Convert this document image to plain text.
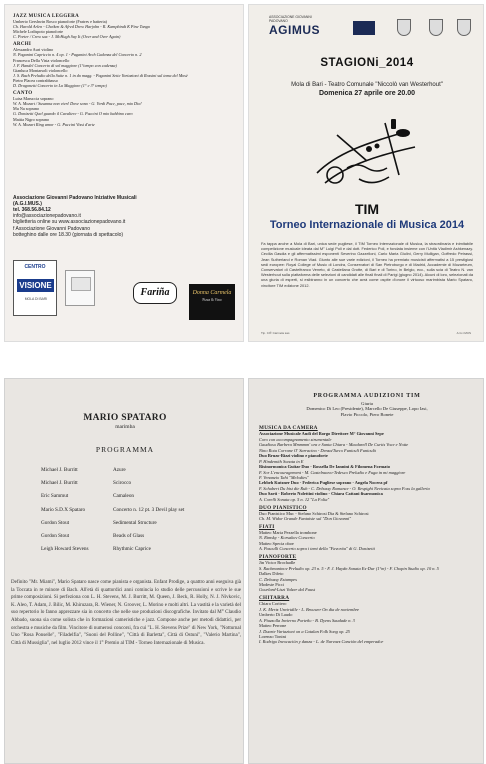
JAZZ MUSICA LEGGERA
Umberto Gershwin Rosco pianoforte (Fratres e batteria)
Ch. Harold Arlen - Cheiken & Afred Drew Harjohn - R. Kampbindt K Pine Tango
Michele Lodispoto pianoforte
C. Porter / Crew sax - J. McHugh Say It (Over and Over Again)
ARCHI
Alessandro Auri violino
N. Paganini Capriccio n. 4 op. 1 - Paganini Arch Cadenza del Concerto n. 2
Francesca Della Vista violoncello
J. F. Handel Concerto di sol maggiore (1°tempo con cadenza)
Gianluca Montarsoli violoncello
J. S. Bach Preludio della Suite n. 1 in do magg. - Paganini Sette Variazioni di Rossini sul tema del Mosè
Pietro Placea contrabbasso
D. Dragonetti Concerto in La Maggiore (1° e 3° tempo)
CANTO
Luisa Maruccia soprano
W. A. Mozart / Susanna non vien! Dove sono - G. Verdi Pace, pace, mio Dio!
Mu Na soprano
G. Donizetti Quel guardo il Cavaliere - G. Puccini O mio babbino caro
Mattia Nigro soprano
W. A. Mozart Ring amor - G. Puccini Vissi d'arte
Associazione Giovanni Padovano Iniziative Musicali (A.G.I.MUS.)
tel. 368.56.84.12
info@associazionepadovano.it
biglietteria online su www.associazionepadovano.it
f Associazione Giovanni Padovano
botteghino dalle ore 18.30 (giornata di spettacolo)
CENTRO
VISIONE
MOLA DI BARI
Fariña	Donna Carmela
Pizza & Vino
ASSOCIAZIONE GIOVANNI PADOVANO
AGIMUS
STAGIONi_2014
Mola di Bari - Teatro Comunale "Niccolò van Westerhout"
Domenica 27 aprile ore 20.00
TIM
Torneo Internazionale di Musica 2014
Fa tappa anche a Mola di Bari, unica sede pugliese, il TIM Torneo Internazionale di Musica, la straordinaria e inimitabile competizione musicale ideata dal M° Luigi Poli e dal dott. Federico Poli, e fondata insieme con l'Unità Vladimir Ashkenazy. Cecilia Gasdia e gli affermatissimi esponenti Severino Gazzelloni, Carlo Maria Giulini, Gerry Mulligan, Goffredo Petrassi, Jean Sutherland e Roman Vlad. Giunto alle sue varie edizioni, il Torneo ha premiato musicisti affermatisi a 15 prestigiosi sedi europee: Royal College of Music di Londra, Conservatori di San Pietroburgo e di Madrid, Accademie di Mozarteum, Conservatori di Castelfranco Veneto, di Castellana Grotte, di Bari e di Torino, in Belgio, ecc., sulla scia di Teatro N. van Westerhout sulla piattaforma delle selezioni di candidati alle finali finali di Parigi (giugno 2014). Alcuni di loro, selezionati da una giuria di esperti, si esibiranno in un concerto che avrà come ospite d'onore il virtuoso marimbista Mario Spataro, vincitore TIM edizione 2012.
Tip. Ci® Carmela sas	A.G.I.MUS
MARIO SPATARO
marimba
PROGRAMMA
Michael J. Burritt	Azure
Michael J. Burritt	Scirocco
Eric Sammut	Camaleon
Mario S.D.X Spataro	Concerto n. 12 pt. 3 Devil play set
Gordon Stout	Sedimental Structure
Gordon Stout	Beads of Glass
Leigh Howard Stevens	Rhythmic Caprice
Definito "Mr. Miami", Mario Spataro nasce come pianista e organista. Enfant Prodige, a quattro anni eseguiva già la Toccata in re minore di Bach. All'età di quattordici anni comincia lo studio delle percussioni e scrive le sue prime composizioni. Si perfeziona con L. H. Stevens, M. J. Burritt, M. Queen, J. Beck, R. Holly, N. J. Nivkovic, K. Aleo, T. Adam, J. Bilic, M. Khiruzara, R. Wiener, N. Groover, L. Morino e molti altri. La vastità e la varietà del suo repertorio lo fanno apprezzare sia in concerto che nelle sue produzioni discografiche. Invitato dal M° Claudio Abbado, suona sia come solista che in formazioni cameristiche e jazz. Compone anche per metodi didattici, per orchestra e musiche da film. Vincitore di numerosi concorsi, fra cui "L. H. Stevens Prize" di New York, "Notturnal Uno "Rosa Ponselle", "Filadelfia", "Suoni del Polline", "Città di Barletta", Città di Ostuni", "Valerio Martina", Città di Mussiglia", nel luglio 2012 vince il 1° Premio al TIM - Torneo Internazionale di Musica.
PROGRAMMA AUDIZIONI TIM
Giuria
Domenico Di Leo (Presidente), Marcello De Giuseppe, Lopo Iasi,
Flavio Piccolo, Piero Bonete
MUSICA DA CAMERA
Associazione Musicale Audi del Borgo Direttore M° Giovanni Sepe
Coro con accompagnamento strumentale
Gaudioso Barbera Mmmmm' ora e Santa Chiara - Macdarell De Curtis Voce e Notte
Nino Rota Corrane O' Sarracino - Denza/Turco Funiculì Funiculà
Duo Bruzo-Rizzi violino e pianoforte
P. Hindemith Sonata in E
Risinormonica Guitar Duo - Rossella De Iannini & Filomena Formato
F. Sor L'encouragement - M. Castelnuovo-Tedesco Preludio e Fuga in mi maggiore
F. Venanzio Tahi "Melodies"
Lebbeh Kutzner Duo - Federica Pugliese soprano - Angela Nocera pf
F. Schubert Du bist die Ruh - C. Debussy Romance - O. Respighi Nevicata sopra Foss la galleria
Duo Sarti - Roberto Nolettini violino - Chiara Cattani fisarmonica
A. Corelli Sonata op. 5 n. 12 "La Folia"
DUO PIANISTICO
Duo Pianistico Muc - Stefano Schirosi Dia & Stefano Schirosi
Ch. M. Widor Grande Fantaisie sul "Don Giovanni"
FIATI
Matteo Maria Pezzella trombone
N. Rimsky - Korsakov Concerto
Matteo Specia oboe
A. Pasculli Concerto sopra i temi della "Favorita" di G. Donizetti
PIANOFORTE
Jin Victor Brochadle
S. Rachmaninov Preludio op. 23 n. 5 - F. J. Haydn Sonata Es-Dur (1°m) - F. Chopin Studio op. 10 n. 5
Dalkes Difeto
C. Debussy Estampes
Modeste Picci
Gourlard-Liszt Valzer dal Faust
CHITARRA
Chiara Coritero
J. K. Mertz Unvirtdile - L. Brouwer On dia de noviembre
Umberto Di Laudo
A. Piazzolla Invierno Porteño - B. Dyens Saudade n. 3
Matteo Perrone
J. Duarte Variazioni on a Catalan Folk Song op. 25
Lorenzo Tonini
I. Rodrigo Invocación y danza - L. de Narvaez Canción del emperador
